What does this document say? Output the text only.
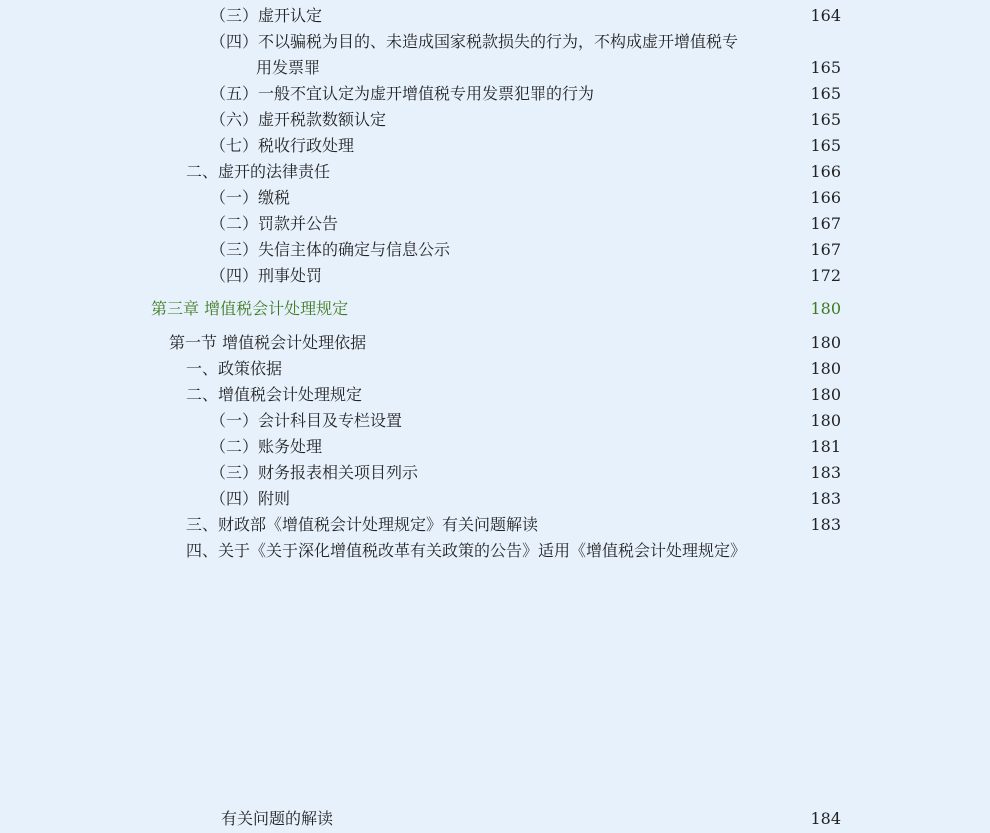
（三）虚开认定	164
（四）不以骗税为目的、未造成国家税款损失的行为，不构成虚开增值税专
用发票罪	165
（五）一般不宜认定为虚开增值税专用发票犯罪的行为	165
（六）虚开税款数额认定	165
（七）税收行政处理	165
二、虚开的法律责任	166
（一）缴税	166
（二）罚款并公告	167
（三）失信主体的确定与信息公示	167
（四）刑事处罚	172
第三章 增值税会计处理规定	180
第一节 增值税会计处理依据	180
一、政策依据	180
二、增值税会计处理规定	180
（一）会计科目及专栏设置	180
（二）账务处理	181
（三）财务报表相关项目列示	183
（四）附则	183
三、财政部《增值税会计处理规定》有关问题解读	183
四、关于《关于深化增值税改革有关政策的公告》适用《增值税会计处理规定》
有关问题的解读	184
